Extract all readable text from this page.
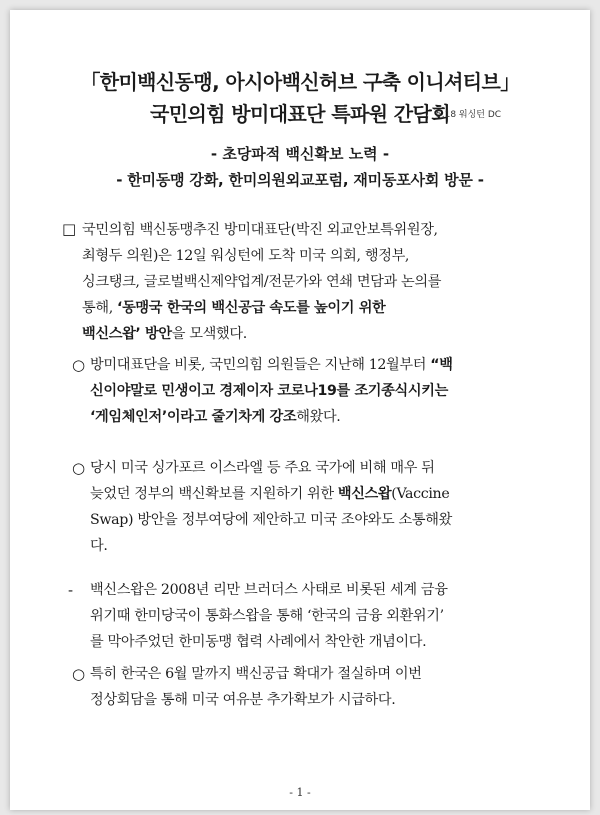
「한미백신동맹, 아시아백신허브 구축 이니셔티브」
국민의힘 방미대표단 특파원 간담회
5.18 워싱턴 DC
- 초당파적 백신확보 노력 -
- 한미동맹 강화, 한미의원외교포럼, 재미동포사회 방문 -
□ 국민의힘 백신동맹추진 방미대표단(박진 외교안보특위원장,
최형두 의원)은 12일 워싱턴에 도착 미국 의회, 행정부,
싱크탱크, 글로벌백신제약업계/전문가와 연쇄 면담과 논의를
통해, ‘동맹국 한국의 백신공급 속도를 높이기 위한
백신스왑’ 방안을 모색했다.
○ 방미대표단을 비롯, 국민의힘 의원들은 지난해 12월부터 “백
신이야말로 민생이고 경제이자 코로나19를 조기종식시키는
‘게임체인저’이라고 줄기차게 강조해왔다.
○ 당시 미국 싱가포르 이스라엘 등 주요 국가에 비해 매우 뒤
늦었던 정부의 백신확보를 지원하기 위한 백신스왑(Vaccine
Swap) 방안을 정부여당에 제안하고 미국 조야와도 소통해왔
다.
- 백신스왑은 2008년 리만 브러더스 사태로 비롯된 세계 금융
위기때 한미당국이 통화스왑을 통해 ‘한국의 금융 외환위기’
를 막아주었던 한미동맹 협력 사례에서 착안한 개념이다.
○ 특히 한국은 6월 말까지 백신공급 확대가 절실하며 이번
정상회담을 통해 미국 여유분 추가확보가 시급하다.
- 1 -
